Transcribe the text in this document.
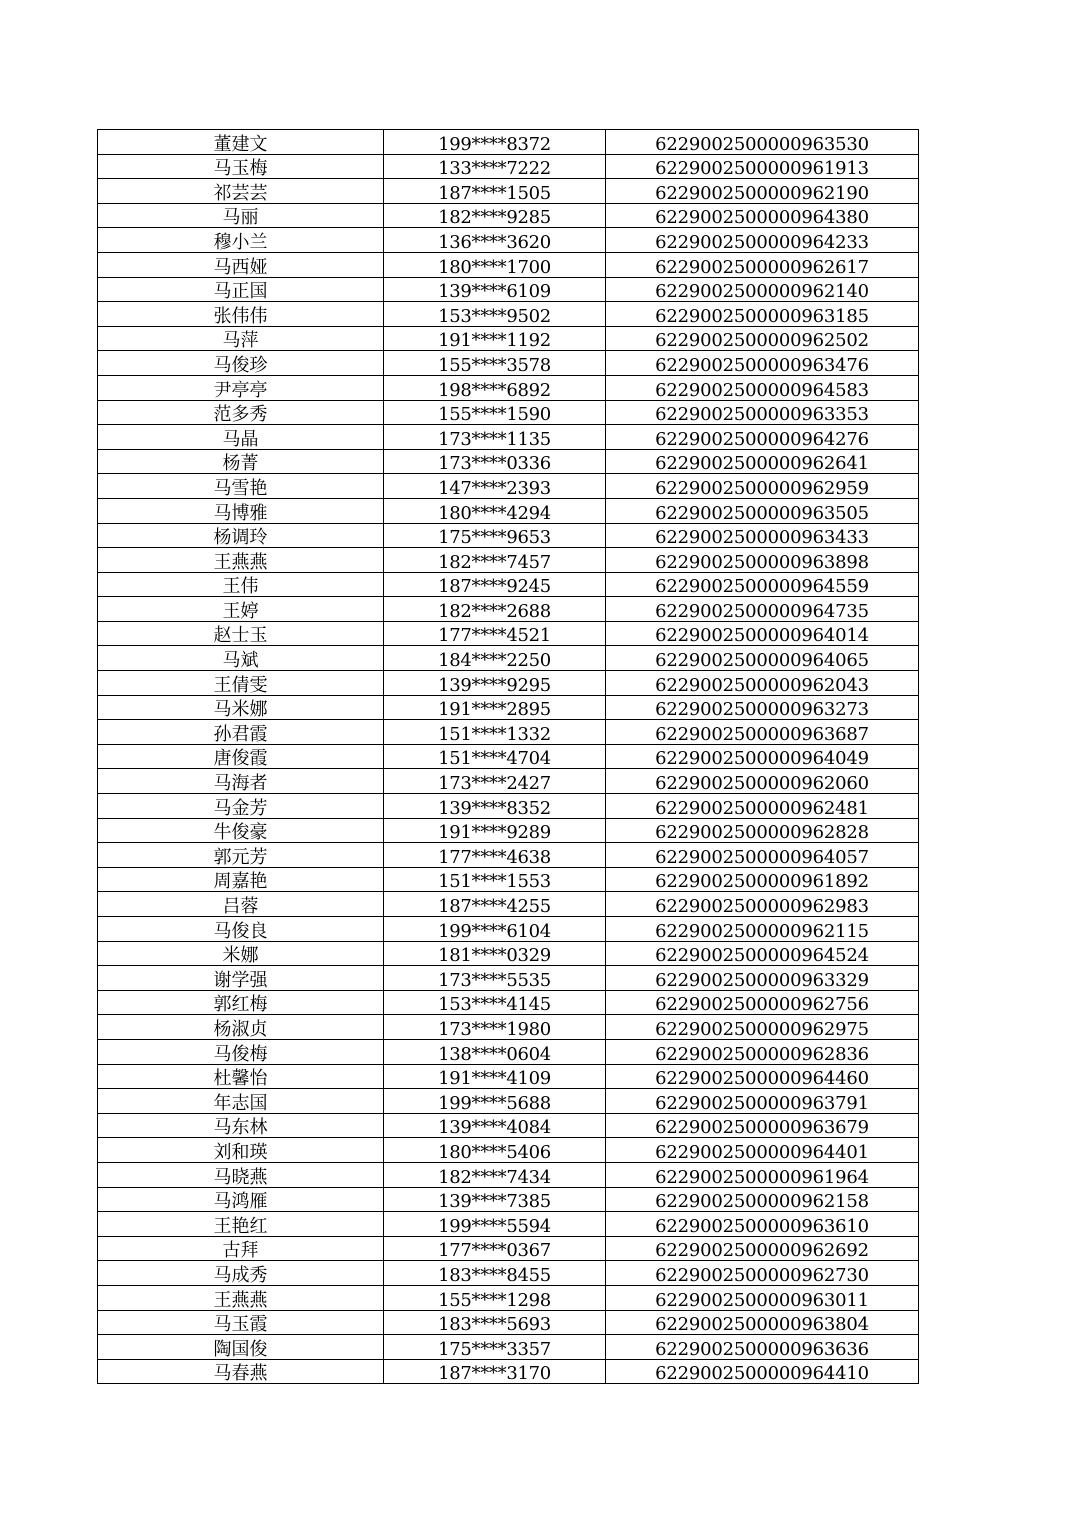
董建文	199****8372	6229002500000963530
马玉梅	133****7222	6229002500000961913
祁芸芸	187****1505	6229002500000962190
马丽	182****9285	6229002500000964380
穆小兰	136****3620	6229002500000964233
马西娅	180****1700	6229002500000962617
马正国	139****6109	6229002500000962140
张伟伟	153****9502	6229002500000963185
马萍	191****1192	6229002500000962502
马俊珍	155****3578	6229002500000963476
尹亭亭	198****6892	6229002500000964583
范多秀	155****1590	6229002500000963353
马晶	173****1135	6229002500000964276
杨菁	173****0336	6229002500000962641
马雪艳	147****2393	6229002500000962959
马博雅	180****4294	6229002500000963505
杨调玲	175****9653	6229002500000963433
王燕燕	182****7457	6229002500000963898
王伟	187****9245	6229002500000964559
王婷	182****2688	6229002500000964735
赵士玉	177****4521	6229002500000964014
马斌	184****2250	6229002500000964065
王倩雯	139****9295	6229002500000962043
马米娜	191****2895	6229002500000963273
孙君霞	151****1332	6229002500000963687
唐俊霞	151****4704	6229002500000964049
马海者	173****2427	6229002500000962060
马金芳	139****8352	6229002500000962481
牛俊豪	191****9289	6229002500000962828
郭元芳	177****4638	6229002500000964057
周嘉艳	151****1553	6229002500000961892
吕蓉	187****4255	6229002500000962983
马俊良	199****6104	6229002500000962115
米娜	181****0329	6229002500000964524
谢学强	173****5535	6229002500000963329
郭红梅	153****4145	6229002500000962756
杨淑贞	173****1980	6229002500000962975
马俊梅	138****0604	6229002500000962836
杜馨怡	191****4109	6229002500000964460
年志国	199****5688	6229002500000963791
马东林	139****4084	6229002500000963679
刘和瑛	180****5406	6229002500000964401
马晓燕	182****7434	6229002500000961964
马鸿雁	139****7385	6229002500000962158
王艳红	199****5594	6229002500000963610
古拜	177****0367	6229002500000962692
马成秀	183****8455	6229002500000962730
王燕燕	155****1298	6229002500000963011
马玉霞	183****5693	6229002500000963804
陶国俊	175****3357	6229002500000963636
马春燕	187****3170	6229002500000964410
